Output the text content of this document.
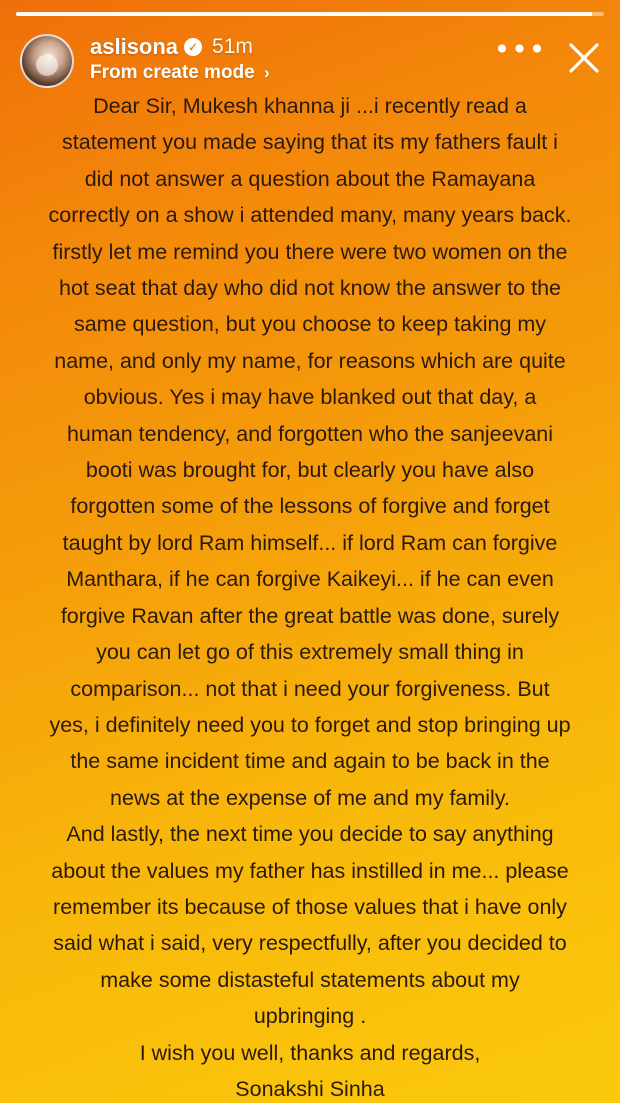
aslisona ✓ 51m
From create mode ›
•••

Dear Sir, Mukesh khanna ji ...i recently read a statement you made saying that its my fathers fault i did not answer a question about the Ramayana correctly on a show i attended many, many years back. firstly let me remind you there were two women on the hot seat that day who did not know the answer to the same question, but you choose to keep taking my name, and only my name, for reasons which are quite obvious. Yes i may have blanked out that day, a human tendency, and forgotten who the sanjeevani booti was brought for, but clearly you have also forgotten some of the lessons of forgive and forget taught by lord Ram himself... if lord Ram can forgive Manthara, if he can forgive Kaikeyi... if he can even forgive Ravan after the great battle was done, surely you can let go of this extremely small thing in comparison... not that i need your forgiveness. But yes, i definitely need you to forget and stop bringing up the same incident time and again to be back in the news at the expense of me and my family.

And lastly, the next time you decide to say anything about the values my father has instilled in me... please remember its because of those values that i have only said what i said, very respectfully, after you decided to make some distasteful statements about my upbringing .

I wish you well, thanks and regards,

Sonakshi Sinha
